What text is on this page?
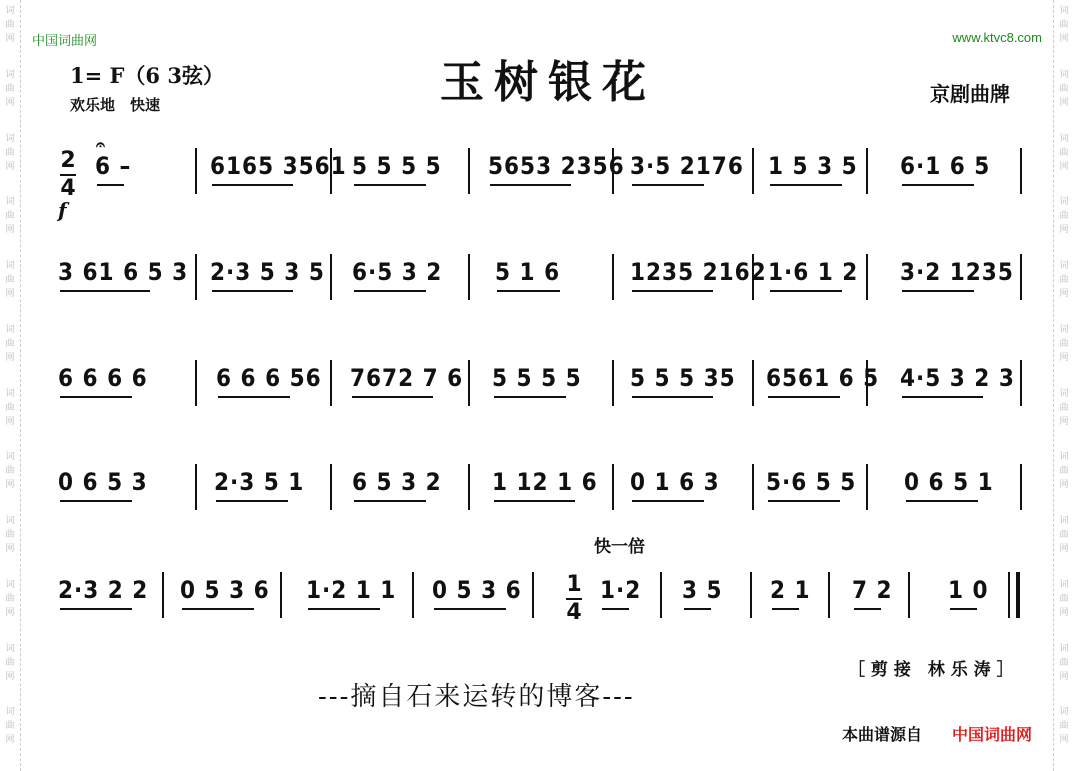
词
曲
网
词
曲
网
词
曲
网
词
曲
网
词
曲
网
词
曲
网
词
曲
网
词
曲
网
词
曲
网
词
曲
网
词
曲
网
词
曲
网
词
曲
网
词
曲
网
词
曲
网
词
曲
网
词
曲
网
词
曲
网
词
曲
网
词
曲
网
词
曲
网
词
曲
网
词
曲
网
词
曲
网
中国词曲网	www.ktvc8.com
1= F（6 3弦）
欢乐地　快速	玉树银花	京剧曲牌
2
4
f
𝄐
6 –	6165 3561 5 5 5 5 5653 2356 3·5 2176 1 5 3 5 6·1 6 5
3 61 6 5 3 2·3 5 3 5 6·5 3 2 5 1 6	1235 2162 1·6 1 2 3·2 1235
6 6 6 6	6 6 6 56 7672 7 6 5 5 5 5 5 5 5 35 6561 6 5 4·5 3 2 3
0 6 5 3	2·3 5 1 6 5 3 2 1 12 1 6 0 1 6 3 5·6 5 5 0 6 5 1
2·3 2 2 0 5 3 6 1·2 1 1 0 5 3 6	1·2 3 5 2 1 7 2 1 0
快一倍
1
4
［ 剪 接　林 乐 涛 ］
---摘自石来运转的博客---
本曲谱源自 中国词曲网
